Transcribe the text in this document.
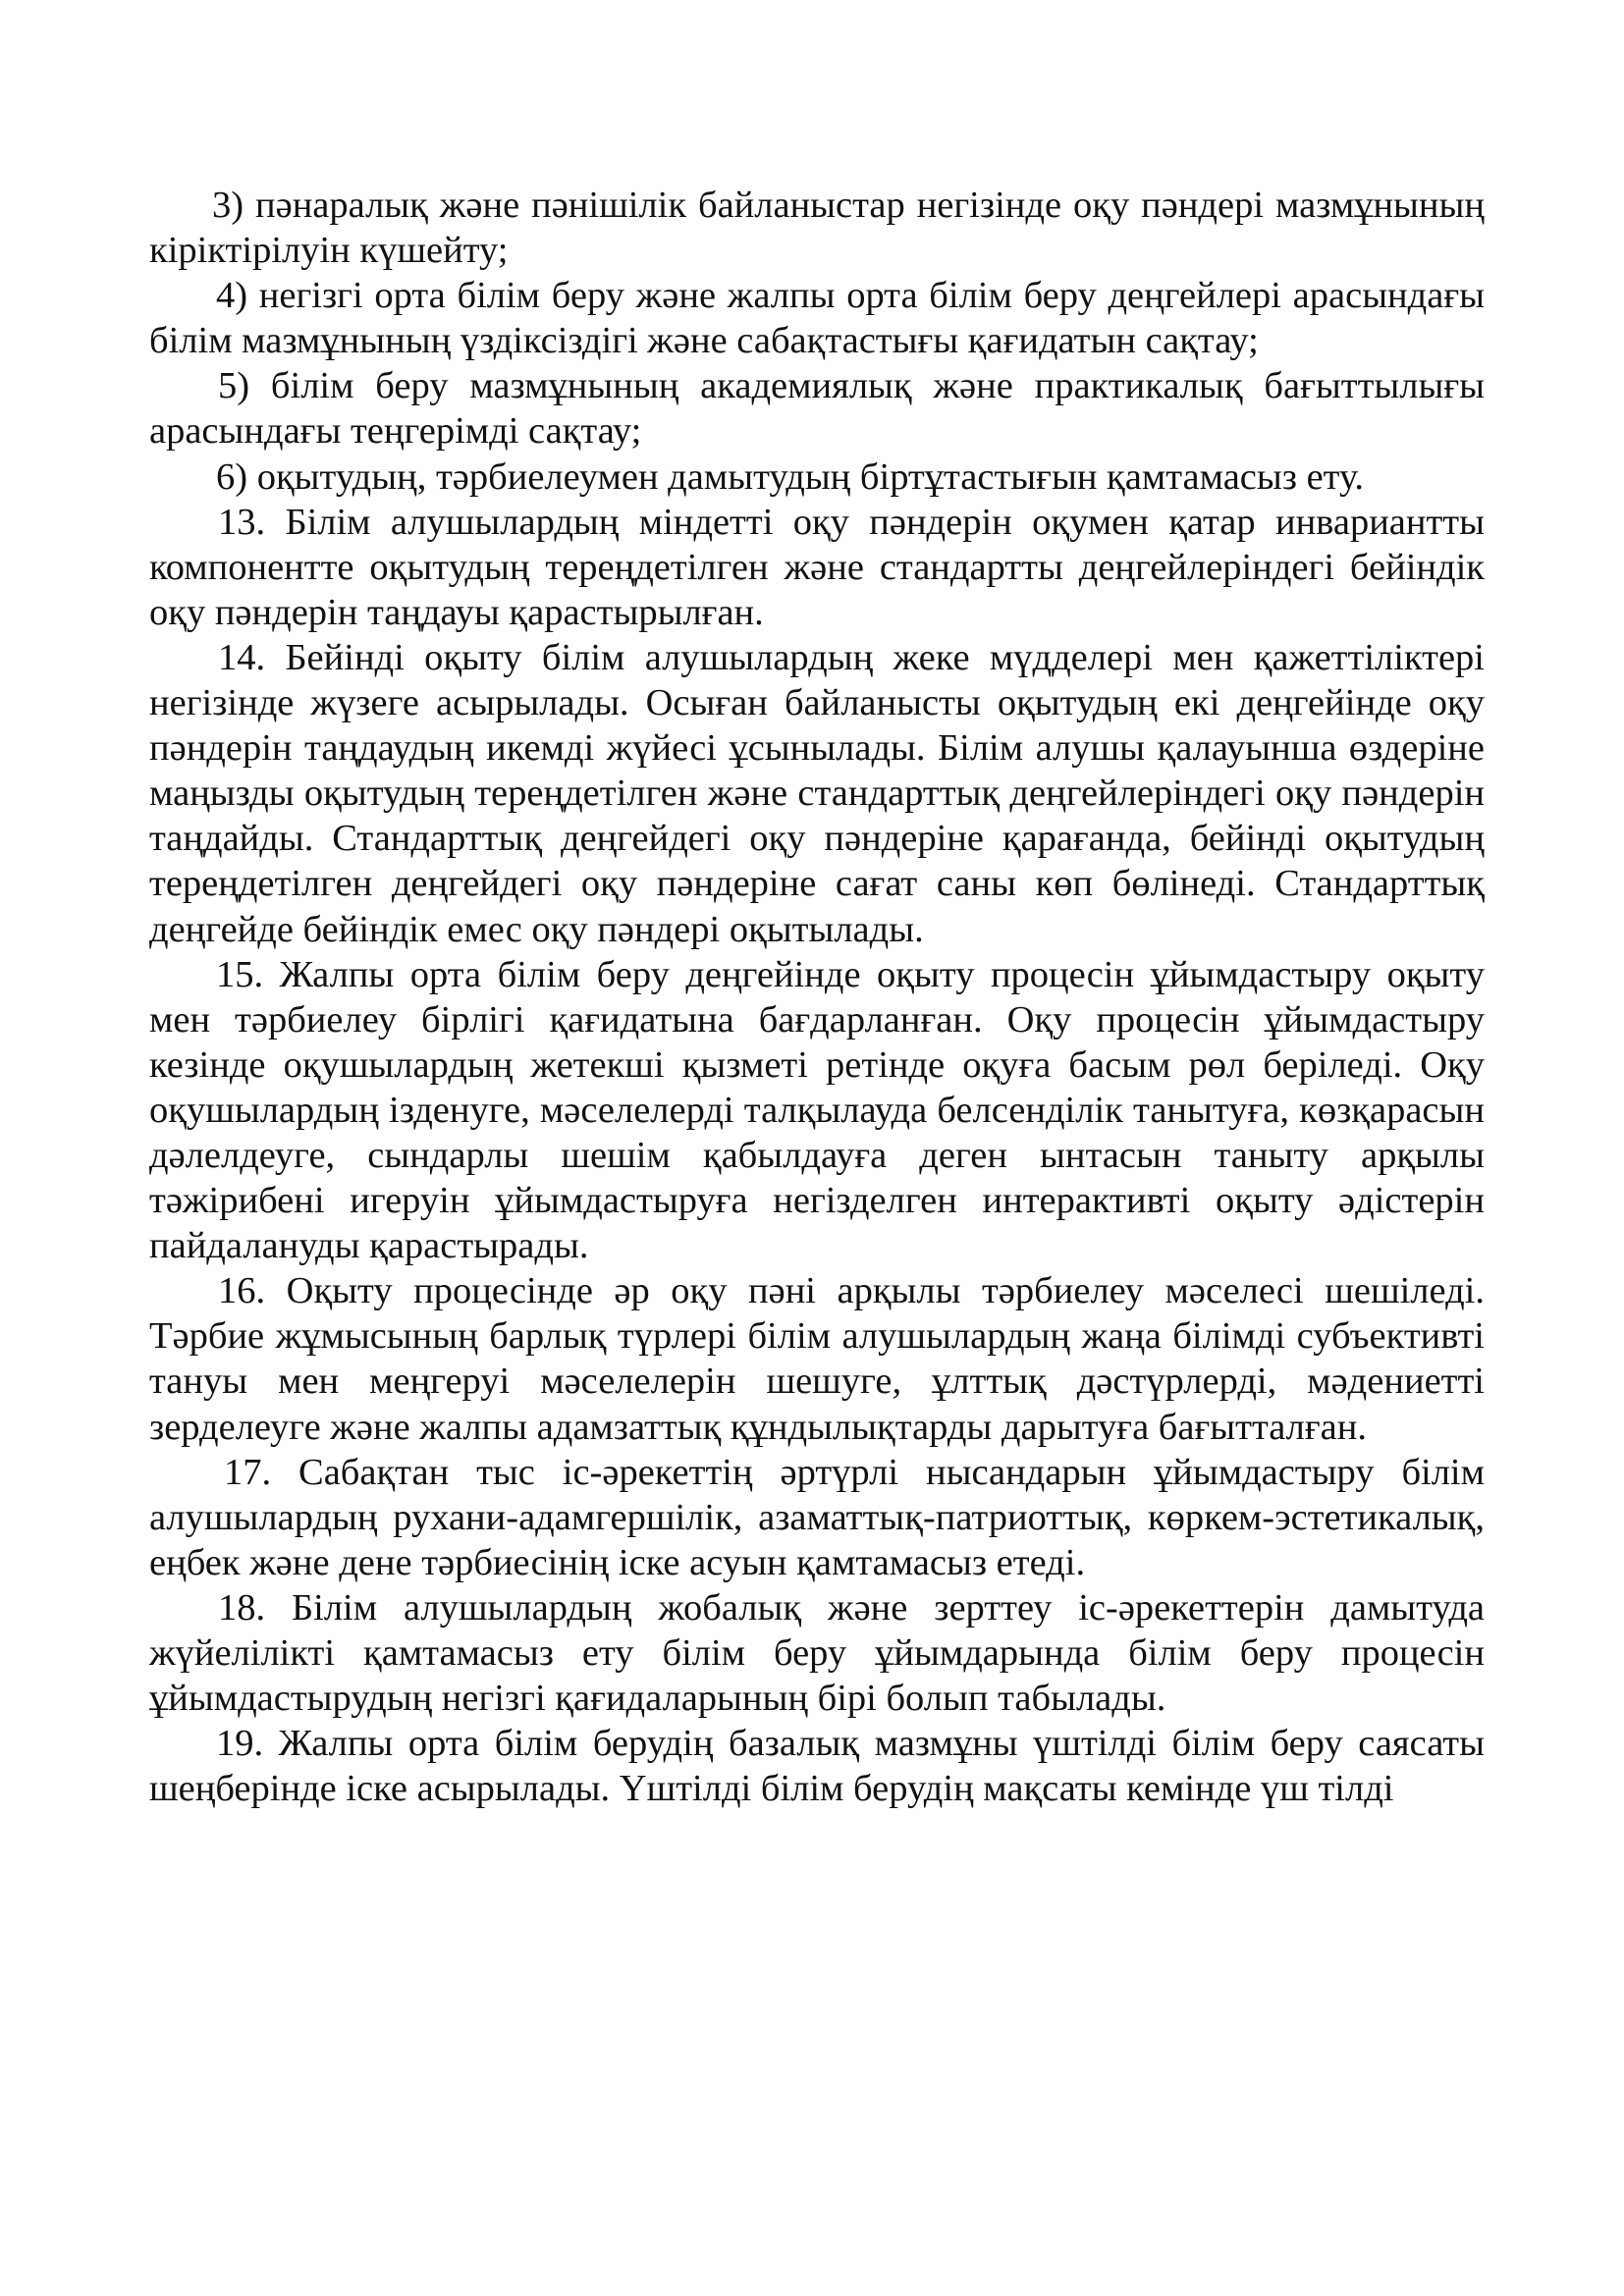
3) пәнаралық және пәнішілік байланыстар негізінде оқу пәндері мазмұнының кіріктірілуін күшейту;

4) негізгі орта білім беру және жалпы орта білім беру деңгейлері арасындағы білім мазмұнының үздіксіздігі және сабақтастығы қағидатын сақтау;

5) білім беру мазмұнының академиялық және практикалық бағыттылығы арасындағы теңгерімді сақтау;

6) оқытудың, тәрбиелеумен дамытудың біртұтастығын қамтамасыз ету.

13. Білім алушылардың міндетті оқу пәндерін оқумен қатар инвариантты компонентте оқытудың тереңдетілген және стандартты деңгейлеріндегі бейіндік оқу пәндерін таңдауы қарастырылған.

14. Бейінді оқыту білім алушылардың жеке мүдделері мен қажеттіліктері негізінде жүзеге асырылады. Осыған байланысты оқытудың екі деңгейінде оқу пәндерін таңдаудың икемді жүйесі ұсынылады. Білім алушы қалауынша өздеріне маңызды оқытудың тереңдетілген және стандарттық деңгейлеріндегі оқу пәндерін таңдайды. Стандарттық деңгейдегі оқу пәндеріне қарағанда, бейінді оқытудың тереңдетілген деңгейдегі оқу пәндеріне сағат саны көп бөлінеді. Стандарттық деңгейде бейіндік емес оқу пәндері оқытылады.

15. Жалпы орта білім беру деңгейінде оқыту процесін ұйымдастыру оқыту мен тәрбиелеу бірлігі қағидатына бағдарланған. Оқу процесін ұйымдастыру кезінде оқушылардың жетекші қызметі ретінде оқуға басым рөл беріледі. Оқу оқушылардың ізденуге, мәселелерді талқылауда белсенділік танытуға, көзқарасын дәлелдеуге, сындарлы шешім қабылдауға деген ынтасын таныту арқылы тәжірибені игеруін ұйымдастыруға негізделген интерактивті оқыту әдістерін пайдалануды қарастырады.

16. Оқыту процесінде әр оқу пәні арқылы тәрбиелеу мәселесі шешіледі. Тәрбие жұмысының барлық түрлері білім алушылардың жаңа білімді субъективті тануы мен меңгеруі мәселелерін шешуге, ұлттық дәстүрлерді, мәдениетті зерделеуге және жалпы адамзаттық құндылықтарды дарытуға бағытталған.

17. Сабақтан тыс іс-әрекеттің әртүрлі нысандарын ұйымдастыру білім алушылардың рухани-адамгершілік, азаматтық-патриоттық, көркем-эстетикалық, еңбек және дене тәрбиесінің іске асуын қамтамасыз етеді.

18. Білім алушылардың жобалық және зерттеу іс-әрекеттерін дамытуда жүйелілікті қамтамасыз ету білім беру ұйымдарында білім беру процесін ұйымдастырудың негізгі қағидаларының бірі болып табылады.

19. Жалпы орта білім берудің базалық мазмұны үштілді білім беру саясаты шеңберінде іске асырылады. Үштілді білім берудің мақсаты кемінде үш тілді
